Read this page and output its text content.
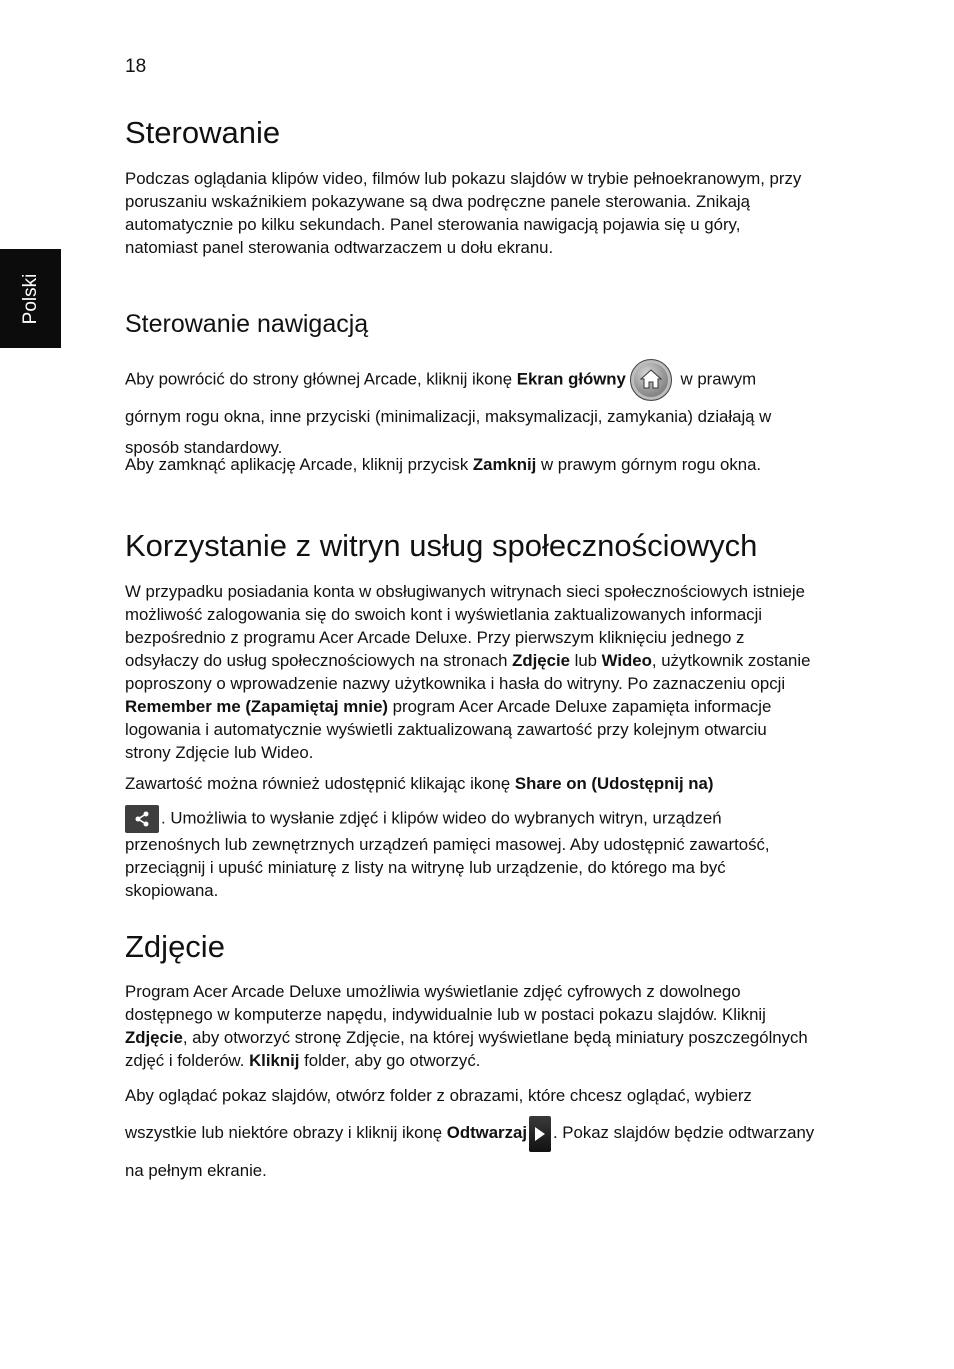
18
Polski
Sterowanie

Podczas oglądania klipów video, filmów lub pokazu slajdów w trybie pełnoekranowym, przy poruszaniu wskaźnikiem pokazywane są dwa podręczne panele sterowania. Znikają automatycznie po kilku sekundach. Panel sterowania nawigacją pojawia się u góry, natomiast panel sterowania odtwarzaczem u dołu ekranu.

Sterowanie nawigacją

Aby powrócić do strony głównej Arcade, kliknij ikonę Ekran główny	w prawym górnym rogu okna, inne przyciski (minimalizacji, maksymalizacji, zamykania) działają w sposób standardowy.

Aby zamknąć aplikację Arcade, kliknij przycisk Zamknij w prawym górnym rogu okna.

Korzystanie z witryn usług społecznościowych

W przypadku posiadania konta w obsługiwanych witrynach sieci społecznościowych istnieje możliwość zalogowania się do swoich kont i wyświetlania zaktualizowanych informacji bezpośrednio z programu Acer Arcade Deluxe. Przy pierwszym kliknięciu jednego z odsyłaczy do usług społecznościowych na stronach Zdjęcie lub Wideo, użytkownik zostanie poproszony o wprowadzenie nazwy użytkownika i hasła do witryny. Po zaznaczeniu opcji Remember me (Zapamiętaj mnie) program Acer Arcade Deluxe zapamięta informacje logowania i automatycznie wyświetli zaktualizowaną zawartość przy kolejnym otwarciu strony Zdjęcie lub Wideo.

Zawartość można również udostępnić klikając ikonę Share on (Udostępnij na)

. Umożliwia to wysłanie zdjęć i klipów wideo do wybranych witryn, urządzeń przenośnych lub zewnętrznych urządzeń pamięci masowej. Aby udostępnić zawartość, przeciągnij i upuść miniaturę z listy na witrynę lub urządzenie, do którego ma być skopiowana.

Zdjęcie

Program Acer Arcade Deluxe umożliwia wyświetlanie zdjęć cyfrowych z dowolnego dostępnego w komputerze napędu, indywidualnie lub w postaci pokazu slajdów. Kliknij Zdjęcie, aby otworzyć stronę Zdjęcie, na której wyświetlane będą miniatury poszczególnych zdjęć i folderów. Kliknij folder, aby go otworzyć.

Aby oglądać pokaz slajdów, otwórz folder z obrazami, które chcesz oglądać, wybierz wszystkie lub niektóre obrazy i kliknij ikonę Odtwarzaj . Pokaz slajdów będzie odtwarzany na pełnym ekranie.
